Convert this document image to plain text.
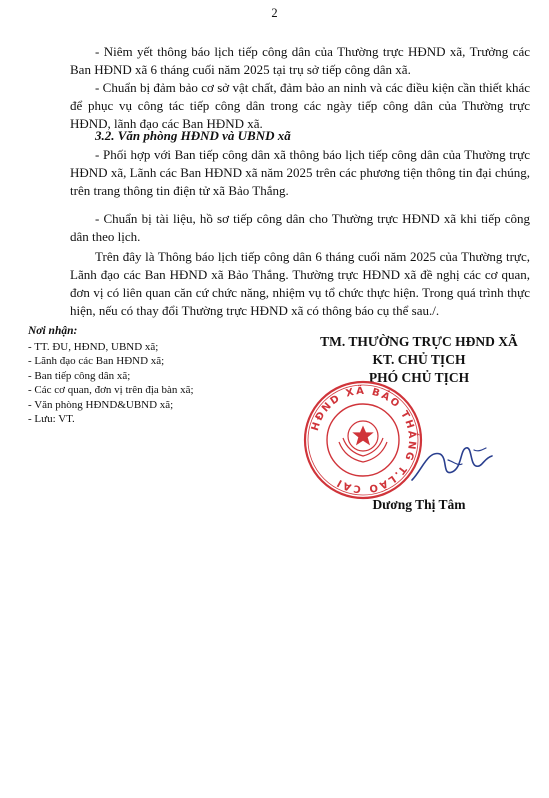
2

- Niêm yết thông báo lịch tiếp công dân của Thường trực HĐND xã, Trưởng các Ban HĐND xã 6 tháng cuối năm 2025 tại trụ sở tiếp công dân xã.

- Chuẩn bị đảm bảo cơ sở vật chất, đảm bảo an ninh và các điều kiện cần thiết khác để phục vụ công tác tiếp công dân trong các ngày tiếp công dân của Thường trực HĐND, lãnh đạo các Ban HĐND xã.

3.2. Văn phòng HĐND và UBND xã

- Phối hợp với Ban tiếp công dân xã thông báo lịch tiếp công dân của Thường trực HĐND xã, Lãnh các Ban HĐND xã năm 2025 trên các phương tiện thông tin đại chúng, trên trang thông tin điện tử xã Bảo Thắng.

- Chuẩn bị tài liệu, hồ sơ tiếp công dân cho Thường trực HĐND xã khi tiếp công dân theo lịch.

Trên đây là Thông báo lịch tiếp công dân 6 tháng cuối năm 2025 của Thường trực, Lãnh đạo các Ban HĐND xã Bảo Thắng. Thường trực HĐND xã đề nghị các cơ quan, đơn vị có liên quan căn cứ chức năng, nhiệm vụ tổ chức thực hiện. Trong quá trình thực hiện, nếu có thay đổi Thường trực HĐND xã có thông báo cụ thể sau./.

Nơi nhận:
- TT. ĐU, HĐND, UBND xã;
- Lãnh đạo các Ban HĐND xã;
- Ban tiếp công dân xã;
- Các cơ quan, đơn vị trên địa bàn xã;
- Văn phòng HĐND&UBND xã;
- Lưu: VT.
TM. THƯỜNG TRỰC HĐND XÃ
KT. CHỦ TỊCH
PHÓ CHỦ TỊCH
HĐND XÃ BẢO THẮNG T.LÀO CAI
Dương Thị Tâm
